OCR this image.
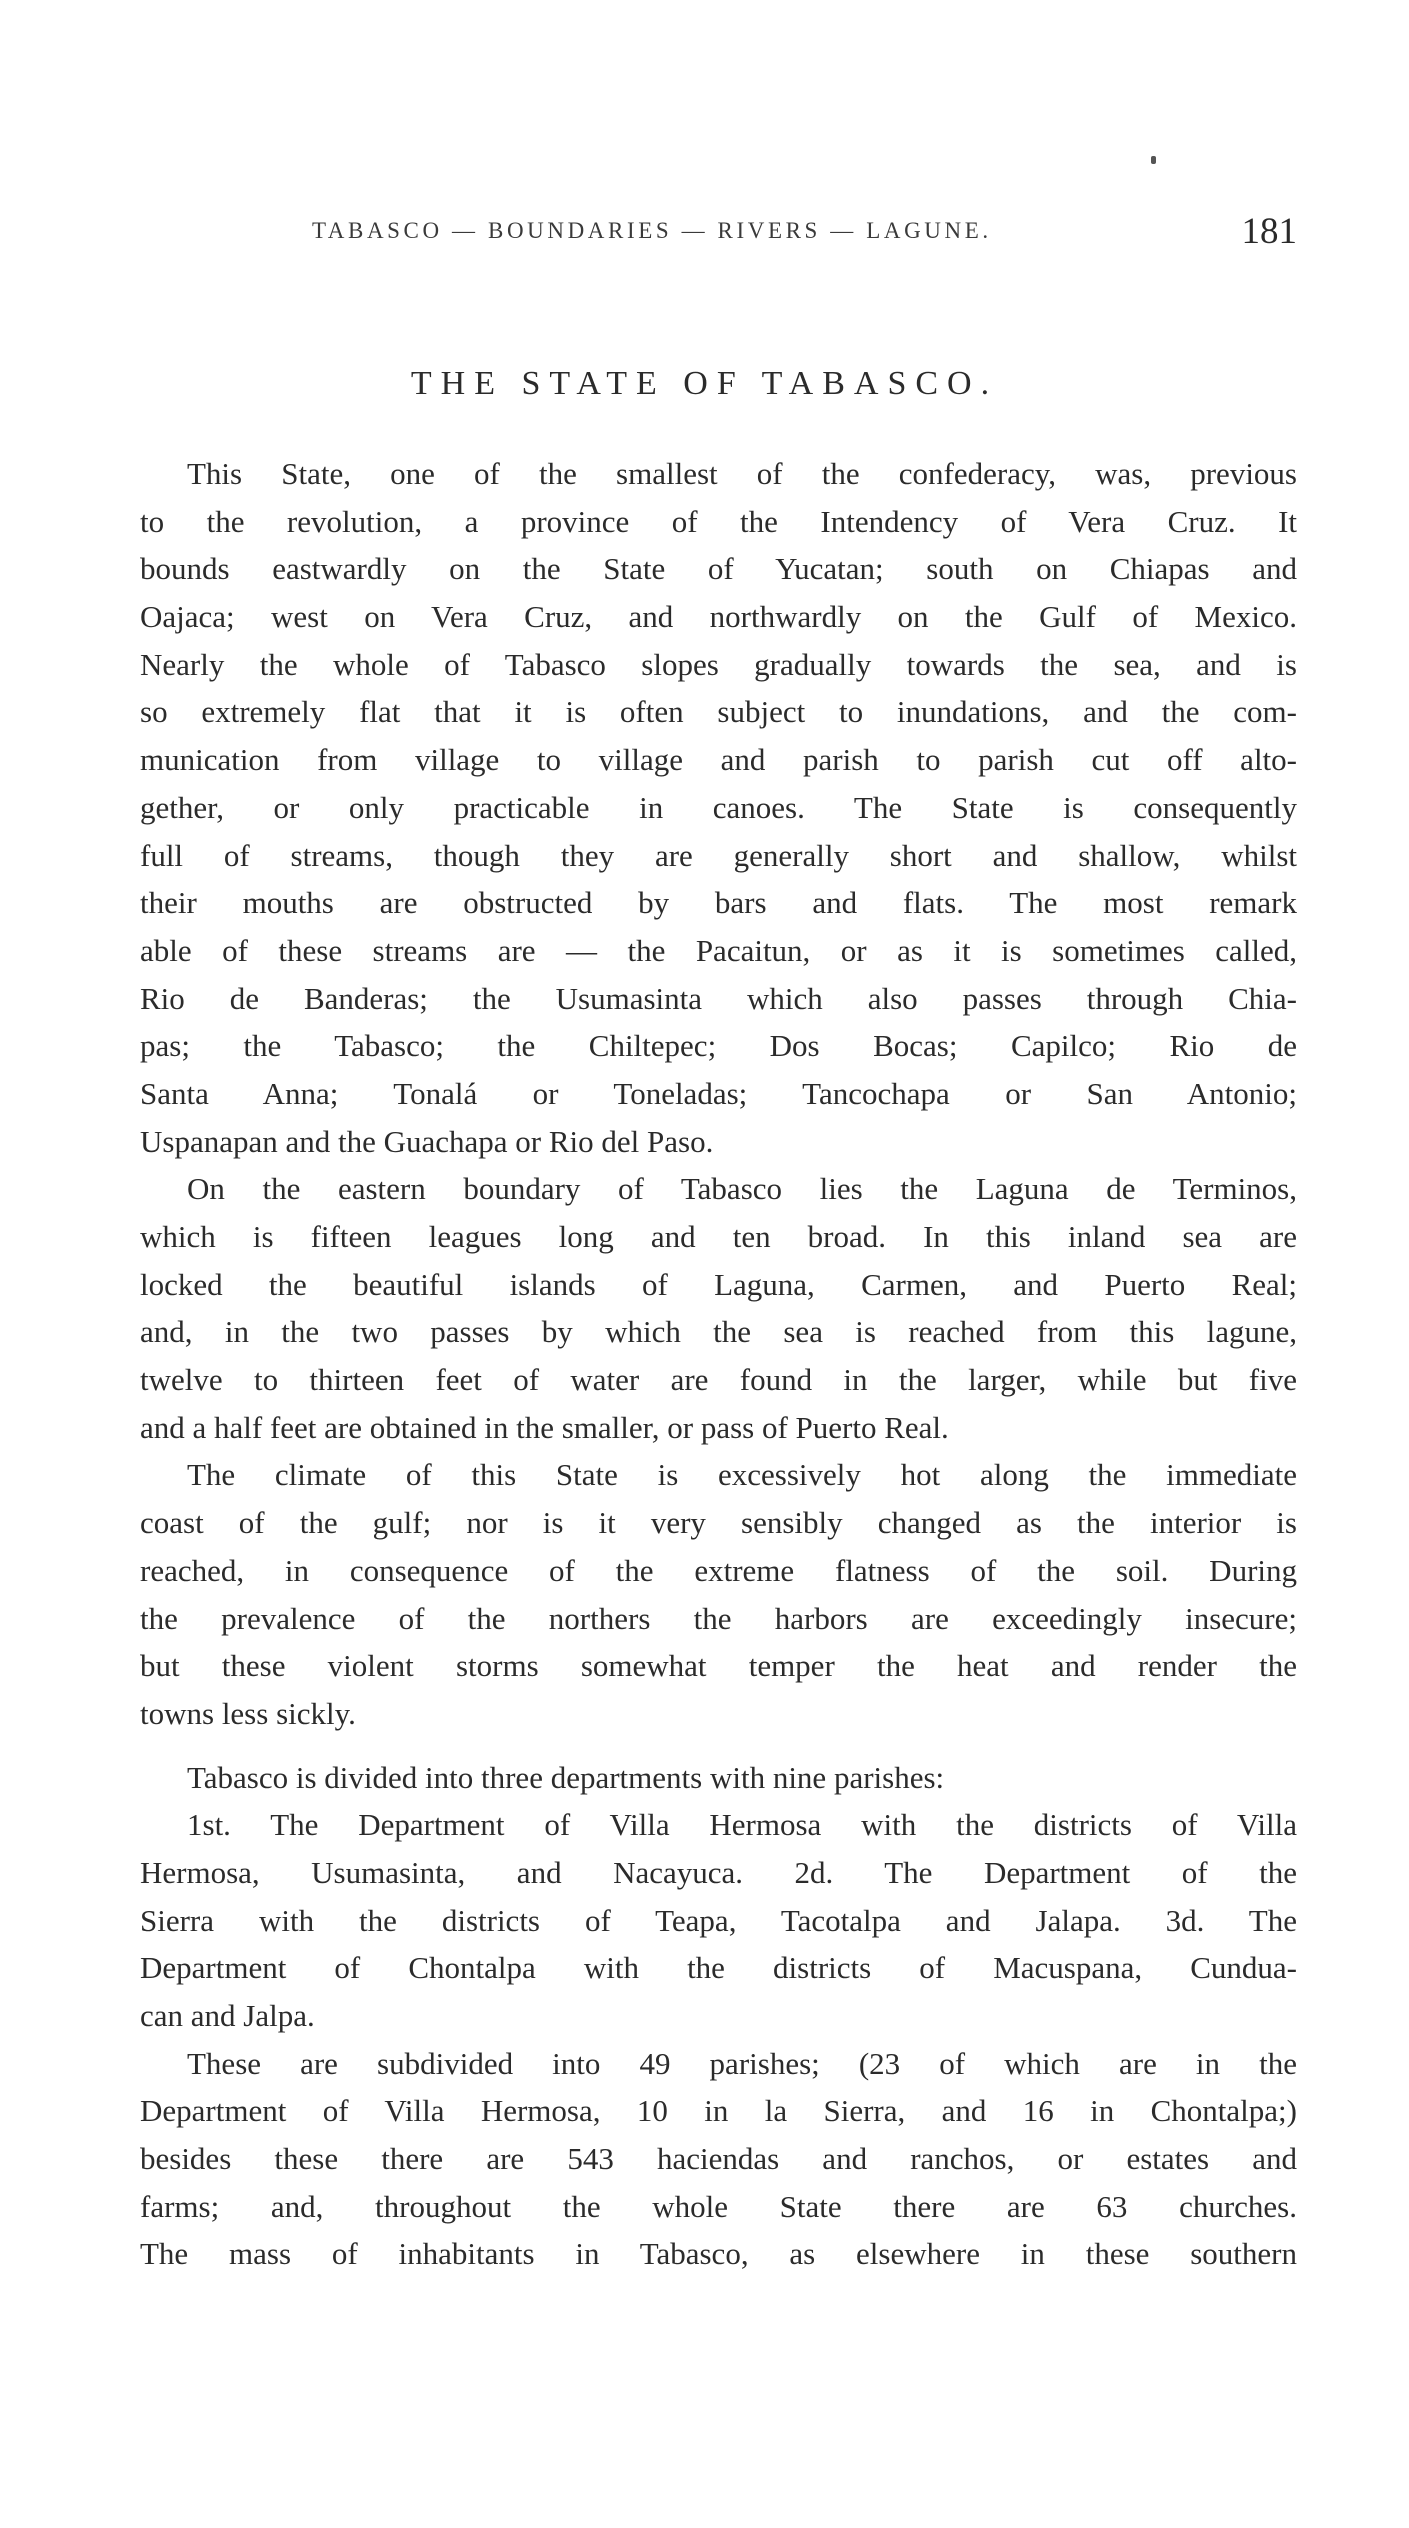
TABASCO — BOUNDARIES — RIVERS — LAGUNE.	181
THE STATE OF TABASCO.
This State, one of the smallest of the confederacy, was, previous
to the revolution, a province of the Intendency of Vera Cruz. It
bounds eastwardly on the State of Yucatan; south on Chiapas and
Oajaca; west on Vera Cruz, and northwardly on the Gulf of Mexico.
Nearly the whole of Tabasco slopes gradually towards the sea, and is
so extremely flat that it is often subject to inundations, and the com-
munication from village to village and parish to parish cut off alto-
gether, or only practicable in canoes. The State is consequently
full of streams, though they are generally short and shallow, whilst
their mouths are obstructed by bars and flats. The most remark
able of these streams are — the Pacaitun, or as it is sometimes called,
Rio de Banderas; the Usumasinta which also passes through Chia-
pas; the Tabasco; the Chiltepec; Dos Bocas; Capilco; Rio de
Santa Anna; Tonalá or Toneladas; Tancochapa or San Antonio;
Uspanapan and the Guachapa or Rio del Paso.
On the eastern boundary of Tabasco lies the Laguna de Terminos,
which is fifteen leagues long and ten broad. In this inland sea are
locked the beautiful islands of Laguna, Carmen, and Puerto Real;
and, in the two passes by which the sea is reached from this lagune,
twelve to thirteen feet of water are found in the larger, while but five
and a half feet are obtained in the smaller, or pass of Puerto Real.
The climate of this State is excessively hot along the immediate
coast of the gulf; nor is it very sensibly changed as the interior is
reached, in consequence of the extreme flatness of the soil. During
the prevalence of the northers the harbors are exceedingly insecure;
but these violent storms somewhat temper the heat and render the
towns less sickly.
Tabasco is divided into three departments with nine parishes:
1st. The Department of Villa Hermosa with the districts of Villa
Hermosa, Usumasinta, and Nacayuca. 2d. The Department of the
Sierra with the districts of Teapa, Tacotalpa and Jalapa. 3d. The
Department of Chontalpa with the districts of Macuspana, Cundua-
can and Jalpa.
These are subdivided into 49 parishes; (23 of which are in the
Department of Villa Hermosa, 10 in la Sierra, and 16 in Chontalpa;)
besides these there are 543 haciendas and ranchos, or estates and
farms; and, throughout the whole State there are 63 churches.
The mass of inhabitants in Tabasco, as elsewhere in these southern
